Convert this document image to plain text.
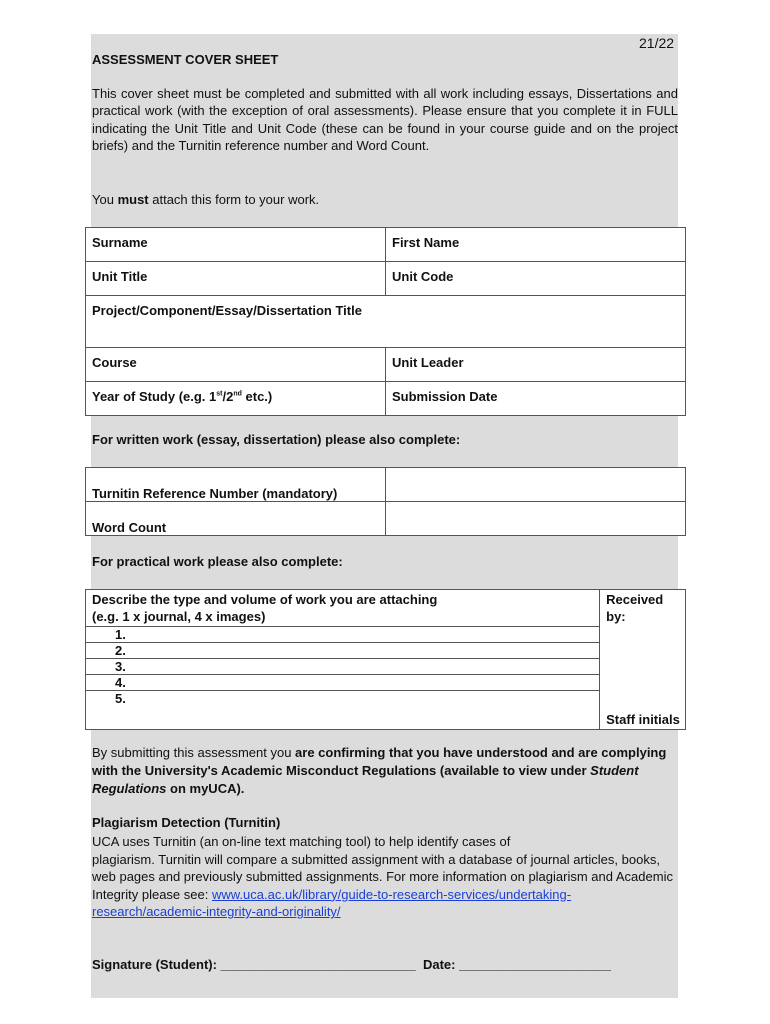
21/22
ASSESSMENT COVER SHEET
This cover sheet must be completed and submitted with all work including essays, Dissertations and practical work (with the exception of oral assessments). Please ensure that you complete it in FULL indicating the Unit Title and Unit Code (these can be found in your course guide and on the project briefs) and the Turnitin reference number and Word Count.
You must attach this form to your work.
Surname	First Name

Unit Title	Unit Code

Project/Component/Essay/Dissertation Title	

Course	Unit Leader

Year of Study (e.g. 1st/2nd etc.)	Submission Date
For written work (essay, dissertation) please also complete:
Turnitin Reference Number (mandatory)	

Word Count	

For practical work please also complete:
Describe the type and volume of work you are attaching
(e.g. 1 x journal, 4 x images)
1.
2.
3.
4.
5.

Received by:
Staff initials
By submitting this assessment you are confirming that you have understood and are complying with the University's Academic Misconduct Regulations (available to view under Student Regulations on myUCA).
Plagiarism Detection (Turnitin)
UCA uses Turnitin (an on-line text matching tool) to help identify cases of
plagiarism. Turnitin will compare a submitted assignment with a database of journal articles, books, web pages and previously submitted assignments. For more information on plagiarism and Academic Integrity please see: www.uca.ac.uk/library/guide-to-research-services/undertaking-research/academic-integrity-and-originality/
Signature (Student): ___________________________  Date: _____________________
